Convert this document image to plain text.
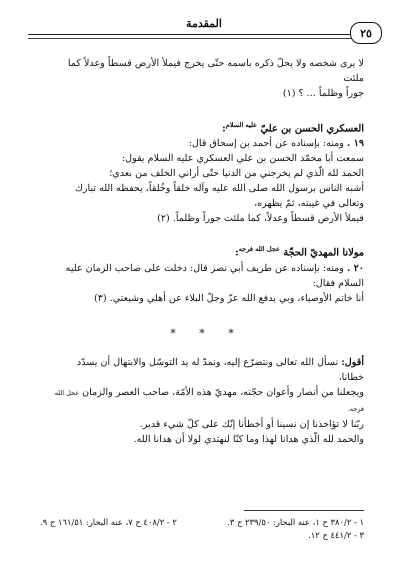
المقدمة
٢٥

لا يرى شخصه ولا يحلّ ذكره باسمه حتّى يخرج فيملأ الأرض قسطاً وعدلاً كما ملئت

جوراً وظلماً ... ؟ (١)

العسكري الحسن بن عليّ $^{عليه السلام}$:

١٩ . ومنه: بإسناده عن أحمد بن إسحاق قال:

سمعت أبا محمّد الحسن بن علي العسكري عليه السلام يقول:

الحمد لله الّذي لم يخرجني من الدنيا حتّى أراني الخلف من بعدي؛

أشبه الناس برسول الله صلى الله عليه وآله خلقاً وخُلقاً، يحفظه الله تبارك وتعالى في غيبته، ثمّ يظهره،

فيملأ الأرض قسطاً وعدلاً، كما ملئت جوراً وظلماً. (٢)

مولانا المهديّ الحجّة $^{عجل الله فرجه}$:

٢٠ . ومنه: بإسناده عن طريف أبي نصر قال: دخلت على صاحب الزمان عليه السلام فقال:

أنا خاتم الأوصياء، وبي يدفع الله عزّ وجلّ البلاء عن أهلي وشيعتي. (٣)

* * *

أقول: نسأل الله تعالى ونتضرّع إليه، ونمدّ له يد التوسّل والابتهال أن يسدّد خطانا،

ويجعلنا من أنصار وأعوان حجّته، مهديّ هذه الأمّة، صاحب العصر والزمان عجل الله فرجه.

ربّنا لا تؤاخذنا إن نسينا أو أخطأنا إنّك على كلّ شيء قدير.

والحمد لله الّذي هدانا لهذا وما كنّا لنهتدي لولا أن هدانا الله.

١ - ٣٨٠/٢ ح ١، عنه البحار: ٢٣٩/٥٠ ح ٣.
٢ - ٤٠٨/٢ ح ٧، عنه البحار: ١٦١/٥١ ح ٩.
٣ - ٤٤١/٢ ح ١٢.
